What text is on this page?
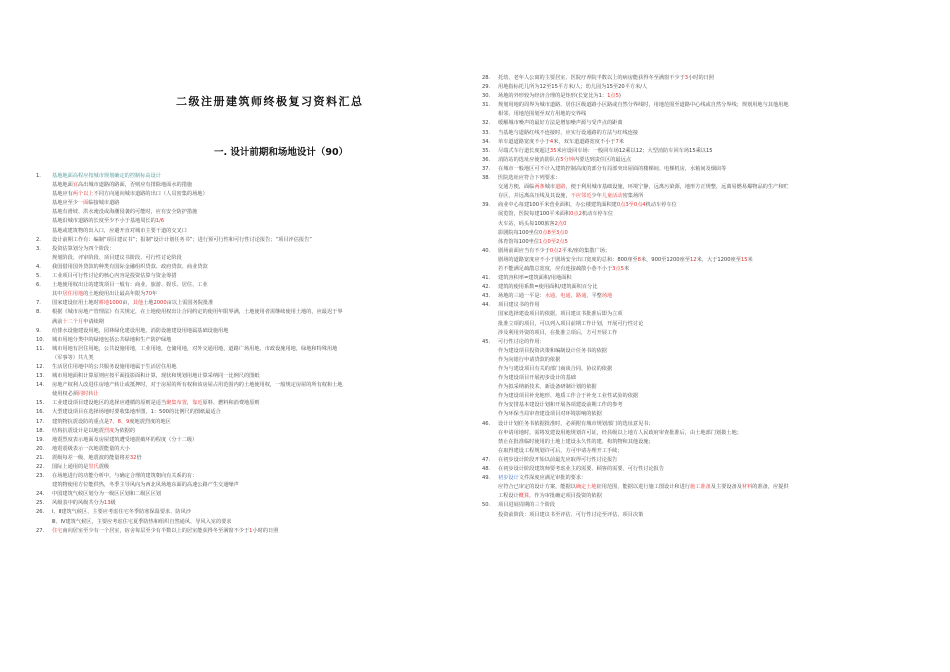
二级注册建筑师终极复习资料汇总
一. 设计前期和场地设计（90）
1.	基地地面高程应按城市规划确定的控制标高设计
基地地面宜高出城市道路的路面，否则应有排除地面水的措施
基地应有两个以上不同方向通向城市道路的出口（人员密集的场地）
基地应至少一面临接城市道路
基地有滑坡、洪水淹没或海潮侵袭的可能时，应有安全防护措施
基地沿城市道路的长度至少不小于基地周长的1/6
基地或建筑物的出入口，应避开直对城市主要干道的交叉口
2.	设计前期工作有：编制“项目建议书”；报制“设计计划任务书”；进行预可行性和可行性讨论报告；“项目评估报告”
3.	投资估算划分为四个阶段：
规划阶段、评审阶段、项目建议书阶段、可行性讨论阶段
4.	我国借用国外贷款的种类有国际金融组织贷款、政府贷款、商业贷款
5.	工业项目可行性讨论的核心内容是投资估算与资金筹措
6.	土地使用权出让的建筑项目一般有：商业、旅游、娱乐、居住、工业
其中居住用地的土地使用出让最高年限为70年
7.	国家建设征用土地时耕地1000亩，其他土地2000亩以上需国务院批准
8.	根据《城市房地产管理法》有关规定，在土地使用权出让合同约定的使用年限界满，土地使用者需继续使用土地的，应最迟于界
满前十二个月申请续期
9.	给排水设施建设用地，园林绿化建设用地，消防设施建设用地属基础设施用地
10.	城市用地分类中的绿地包括公共绿地和生产防护绿地
11.	城市用地有居住用地，公共设施用地，工业用地，仓储用地，对外交通用地，道路广场用地，市政设施用地，绿地和特殊用地
（军事等）共九类
12.	生活居住用地中的公共服务设施用地属于生活居住用地
13.	城市用地面积计算原则应按平面投影面积计算，现状和规划用地计算采纳同一比例尺的图纸
14.	房地产权利人改进住房地产转让或抵押时，对于房屋的所有权和该房屋占用范围内的土地使用权，一般规定房屋的所有权和土地
使用权必须同时转让
15.	工业建设项目建设地区的选择应遵循的原则是适当聚集布置，靠近原料、燃料和消费地原则
16.	大型建设项目在选择场地时要收集地形图，1：500的比例尺的图纸最适合
17.	建筑物抗震设防的重点是7、8、9度地震烈度的地区
18.	结构抗震设计是以地震烈度为依据的
19.	地震烈度表示地面及房屋建筑遭受地震破坏的程度（分十二级）
20.	地震震级表示一次地震能量的大小
21.	震级每差一级，地震波的能量将差32倍
22.	国际上通用的是里氏震级
23.	在场地进行的功能分析中，与确定合理的建筑朝向有关系的有：
建筑物使用方位能供热，冬季主导风向为西北风场地东面的高速公路产生交通噪声
24.	中国建筑气候区划分为一级区区划和二级区区划
25.	风级表中的风级共分为13级
26.	Ⅰ、Ⅱ建筑气候区，主要应考虑住宅冬季防寒保温要求、防风沙
Ⅲ、Ⅳ建筑气候区，主要应考虑住宅夏季防热和组织自然通风、导风入室的要求
27.	住宅南向居室至少有一个居室，宿舍每层至少有半数以上的居室能获得冬至满窗不少于1小时的日照
28.	托幼、老年人公寓的主要居室、医院疗养院半数以上的病房能获得冬至满窗不少于3小时的日照
29.	用地指标托儿所为12至15平方米/人；幼儿园为15至20平方米/人
30.	场地的外形较为经济合理的是矩形(长宽比为1：1点5)
31.	规划用地的周界为城市道路、居住区级道路小区路或自然分界线时，用地范围至道路中心线或自然分界线；规划用地与其他用地
相邻，用地范围划至双方用地的交界线
32.	缓解城市噪声的最好方法是增加噪声源与受声点的距离
33.	当基地与道路红线不连接时，应实行设通路的方法与红线连接
34.	单车道道路宽度不小于4米，双车道道路宽度不小于7米
35.	尽端式车行道长度超过35米应设回车场：一般回车场12乘以12；大型消防车回车场15乘以15
36.	消防站的选址应使消防队在5分钟内要达到责任区的最远点
37.	在城市一般地区可不计入建筑控制高度的部分有局部突出屋面的楼梯间、电梯机房，水箱间及烟囱等
38.	医院选址应符合下列要求：
交通方便，面临两条城市道路，便于利用城市基础设施，环境宁静，远离污染源，地形方正规整，远离易燃易爆物品的生产和贮
存区，并远离高压线及其设施，不应邻近少年儿童活动密集场所
39.	商业中心每建100平米营业面积，办公楼建筑面积建0点3至0点4机动车停车位
展览馆，医院每建100平米面积0点2机动车停车位
火车站，码头每100旅客2点0
影剧院每100坐位0点8至3点0
体育馆每100坐位1点0至2点5
40.	剧场前面应当有不少于0点2平米/座的集散广场；
剧场的道路宽度应不小于剧场安全出口宽度的总和：800座至8米，900至1200座至12米，大于1200座至15米
若不能满足疏散总宽度，应有连接疏散小巷不小于3点5米
41.	建筑容积率=建筑面积/用地面积
42.	建筑的使用系数=使用面积/建筑面积百分比
43.	场地的三通一平是：水通、电通、路通、平整场地
44.	项目建议书的作用
国家选择建设项目的依据，项目建议书批准后即为立项
批准立项的项目，可以列入项目前期工作计划，开展可行性讨论
涉及利用外资的项目，在批准立项后，方可开展工作
45.	可行性讨论的作用：
作为建设项目投资决策和编制设计任务书的依据
作为向银行申请贷款的依据
作为与建设项目有关的部门商谈合同、协议的依据
作为建设项目开展初步设计的基础
作为拟采纳新技术、新设备研制计划的依据
作为建设项目补充地形、地质工作合于补充工业性试验的依据
作为安排基本建设计划和开展各项建设前期工作的参考
作为环保当局审查建设项目对环境影响的依据
46.	设计计划任务书依据批准时，必须附有城市规划部门的选址意见书；
在申请用地时，需将发建设用地规划许可证，经县级以上地方人民政府审查批准后，由土地部门划拨土地；
禁止在批准临时使用的土地上建设永久性的建、构筑物和其他设施；
在取得建设工程规划许可后，方可申请办理开工手续；
47.	在初步设计阶段开始以前最先应取得可行性讨论报告
48.	在初步设计阶段建筑师要考虑业主的需要、顾客的需要、可行性讨论报告
49.	初步设计文件深度应满足审批的要求：
应符合已审定的设计方案，能据以确定土地征用范围，能据以进行施工图设计和进行施工准备及主要设备及材料的准备，应提供
工程设计概算，作为审批确定项目投资的依据
50.	项目进展周期的三个阶段
投资前阶段：项目建议书至评估、可行性讨论至评估、项目决策
